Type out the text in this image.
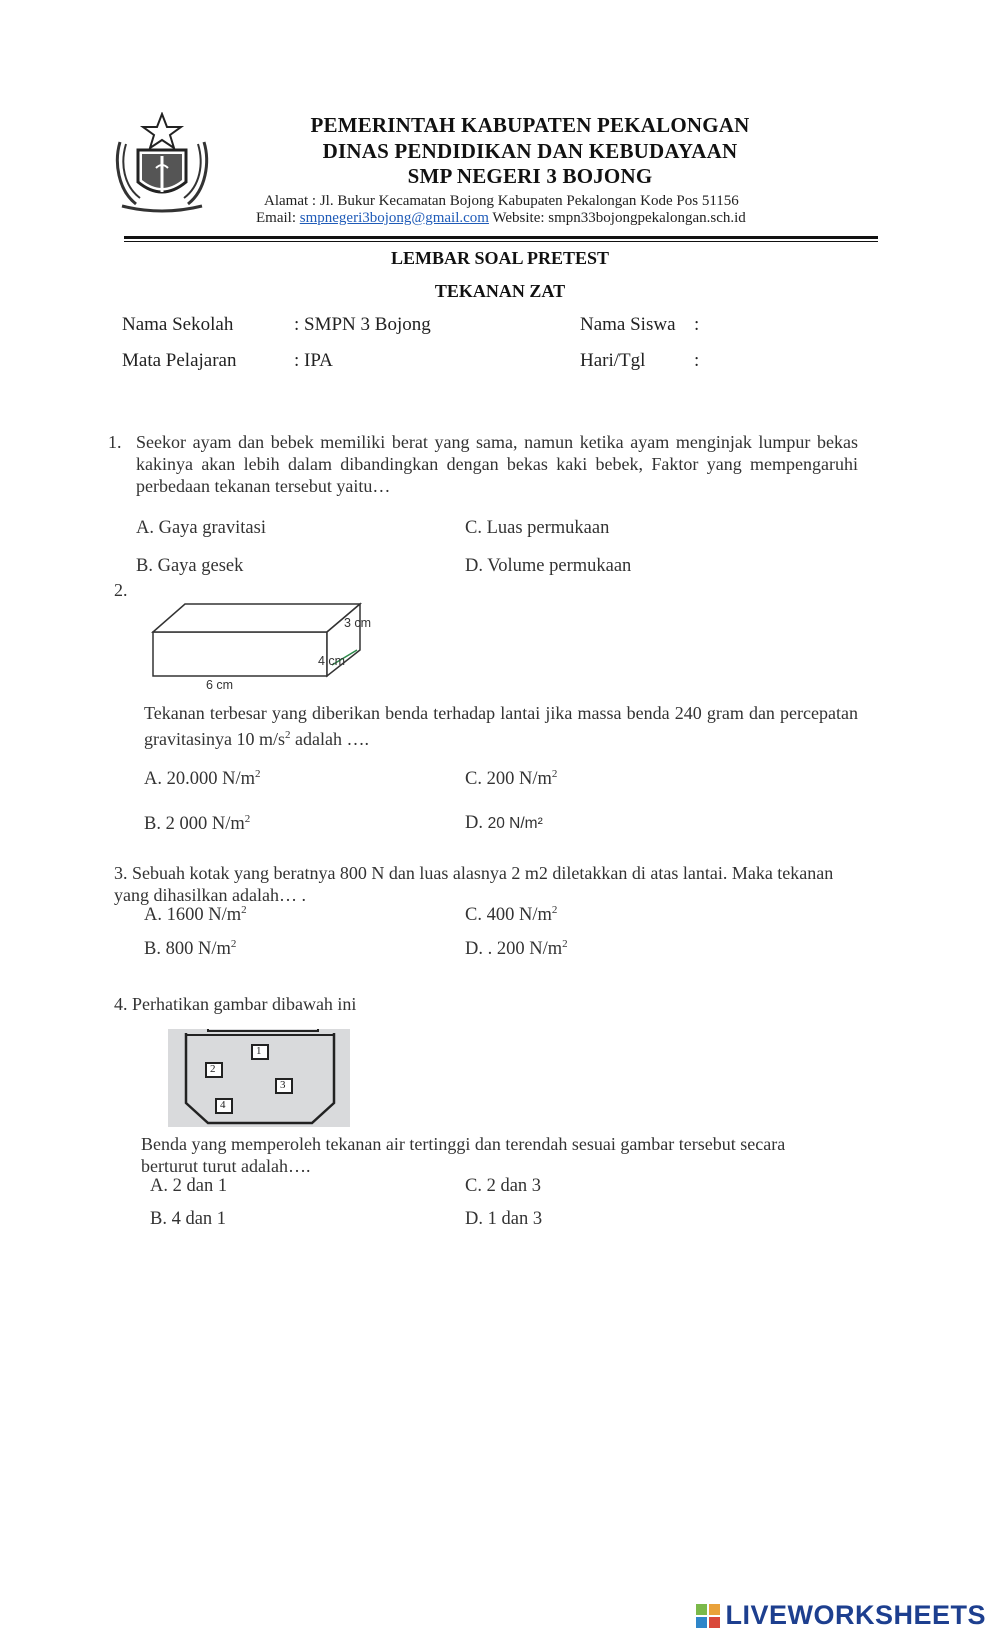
PEMERINTAH KABUPATEN PEKALONGAN
DINAS PENDIDIKAN DAN KEBUDAYAAN
SMP NEGERI 3 BOJONG
Alamat : Jl. Bukur Kecamatan Bojong Kabupaten Pekalongan Kode Pos 51156
Email: smpnegeri3bojong@gmail.com Website: smpn33bojongpekalongan.sch.id
LEMBAR SOAL PRETEST
TEKANAN ZAT
Nama Sekolah	: SMPN 3 Bojong	Nama Siswa :
Mata Pelajaran	: IPA	Hari/Tgl	:
1. Seekor ayam dan bebek memiliki berat yang sama, namun ketika ayam menginjak lumpur bekas kakinya akan lebih dalam dibandingkan dengan bekas kaki bebek, Faktor yang mempengaruhi perbedaan tekanan tersebut yaitu…
A. Gaya gravitasi	C. Luas permukaan
B. Gaya gesek	D. Volume permukaan
2.
3 cm
4 cm
6 cm
Tekanan terbesar yang diberikan benda terhadap lantai jika massa benda 240 gram dan percepatan gravitasinya 10 $m/s^2$ adalah ….
A. 20.000 $N/m^2$	C. 200 $N/m^2$
B. 2 000 $N/m^2$	D. 20 N/m²
3. Sebuah kotak yang beratnya 800 N dan luas alasnya 2 m2 diletakkan di atas lantai. Maka tekanan yang dihasilkan adalah… .
A. 1600 $N/m^2$	C. 400 $N/m^2$
B. 800 $N/m^2$	D. . 200 $N/m^2$
4. Perhatikan gambar dibawah ini
1
2
3
4
Benda yang memperoleh tekanan air tertinggi dan terendah sesuai gambar tersebut secara berturut turut adalah….
A. 2 dan 1	C. 2 dan 3
B. 4 dan 1	D. 1 dan 3
LIVEWORKSHEETS
